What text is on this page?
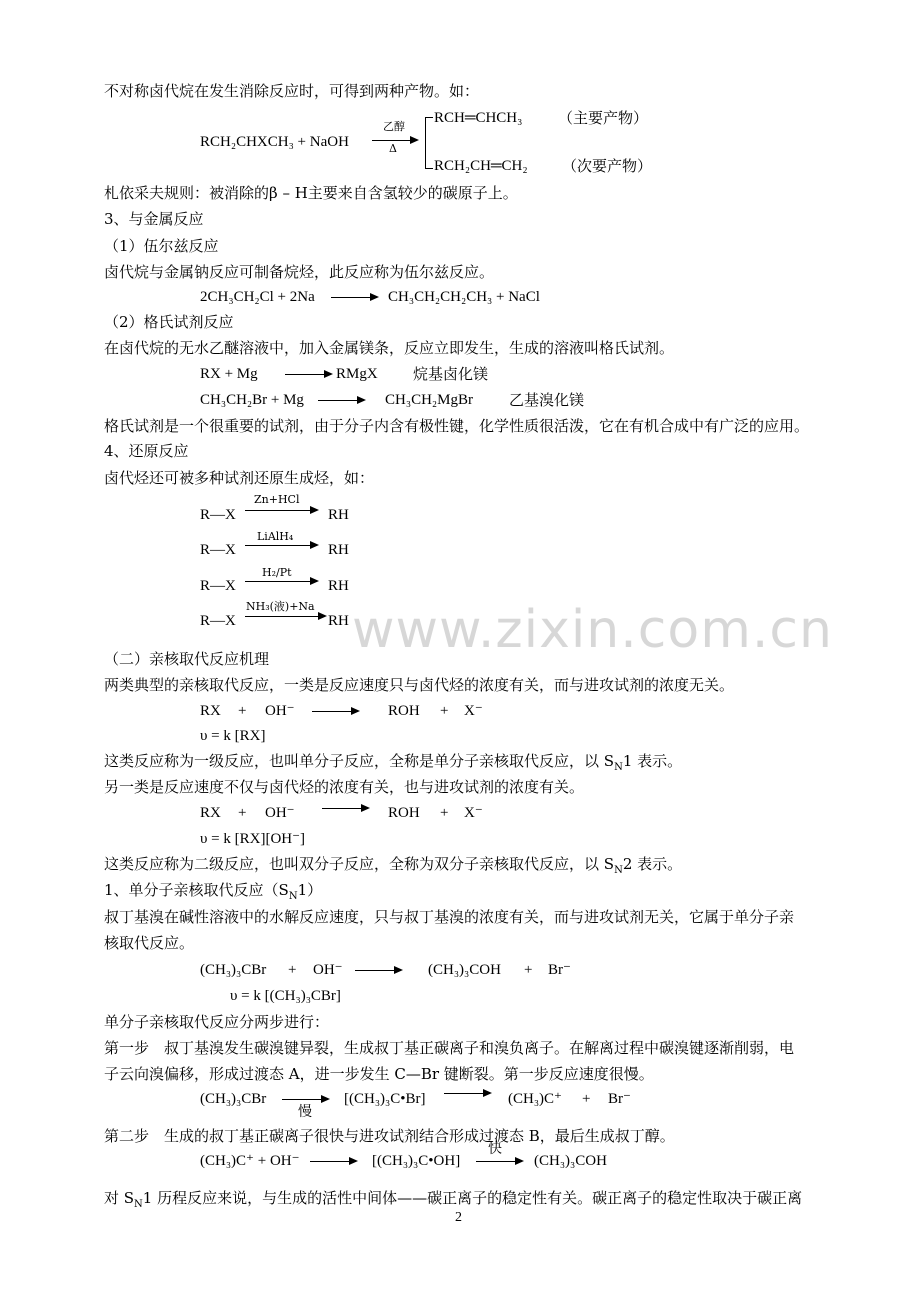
www.zixin.com.cn
不对称卤代烷在发生消除反应时，可得到两种产物。如：
RCH₂CHXCH₃ + NaOH
乙醇
Δ
RCH═CHCH₃ （主要产物）
RCH₂CH═CH₂ （次要产物）
札依采夫规则：被消除的β – H主要来自含氢较少的碳原子上。
3、与金属反应
（1）伍尔兹反应
卤代烷与金属钠反应可制备烷烃，此反应称为伍尔兹反应。
2CH₃CH₂Cl + 2Na → CH₃CH₂CH₂CH₃ + NaCl
（2）格氏试剂反应
在卤代烷的无水乙醚溶液中，加入金属镁条，反应立即发生，生成的溶液叫格氏试剂。
RX + Mg → RMgX 烷基卤化镁
CH₃CH₂Br + Mg → CH₃CH₂MgBr 乙基溴化镁
格氏试剂是一个很重要的试剂，由于分子内含有极性键，化学性质很活泼，它在有机合成中有广泛的应用。
4、还原反应
卤代烃还可被多种试剂还原生成烃，如：
R—X
Zn+HCl
RH
R—X
LiAlH₄
RH
R—X
H₂/Pt
RH
R—X
NH₃(液)+Na
RH
（二）亲核取代反应机理
两类典型的亲核取代反应，一类是反应速度只与卤代烃的浓度有关，而与进攻试剂的浓度无关。
RX + OH⁻ → ROH + X⁻
υ = k [RX]
这类反应称为一级反应，也叫单分子反应，全称是单分子亲核取代反应，以 $S_N1$ 表示。
另一类是反应速度不仅与卤代烃的浓度有关，也与进攻试剂的浓度有关。
RX + OH⁻ → ROH + X⁻
υ = k [RX][OH⁻]
这类反应称为二级反应，也叫双分子反应，全称为双分子亲核取代反应，以 $S_N2$ 表示。
1、单分子亲核取代反应$(S_N1)$
叔丁基溴在碱性溶液中的水解反应速度，只与叔丁基溴的浓度有关，而与进攻试剂无关，它属于单分子亲
核取代反应。
(CH₃)₃CBr + OH⁻ → (CH₃)₃COH + Br⁻
υ = k [(CH₃)₃CBr]
单分子亲核取代反应分两步进行：
第一步　叔丁基溴发生碳溴键异裂，生成叔丁基正碳离子和溴负离子。在解离过程中碳溴键逐渐削弱，电
子云向溴偏移，形成过渡态 A，进一步发生 C—Br 键断裂。第一步反应速度很慢。
(CH₃)₃CBr →
慢
[(CH₃)₃C•Br] → (CH₃)C⁺ + Br⁻
第二步　生成的叔丁基正碳离子很快与进攻试剂结合形成过渡态 B，最后生成叔丁醇。
(CH₃)C⁺ + OH⁻ → [(CH₃)₃C•OH]
快
→ (CH₃)₃COH
对 $S_N1$ 历程反应来说，与生成的活性中间体——碳正离子的稳定性有关。碳正离子的稳定性取决于碳正离
2
